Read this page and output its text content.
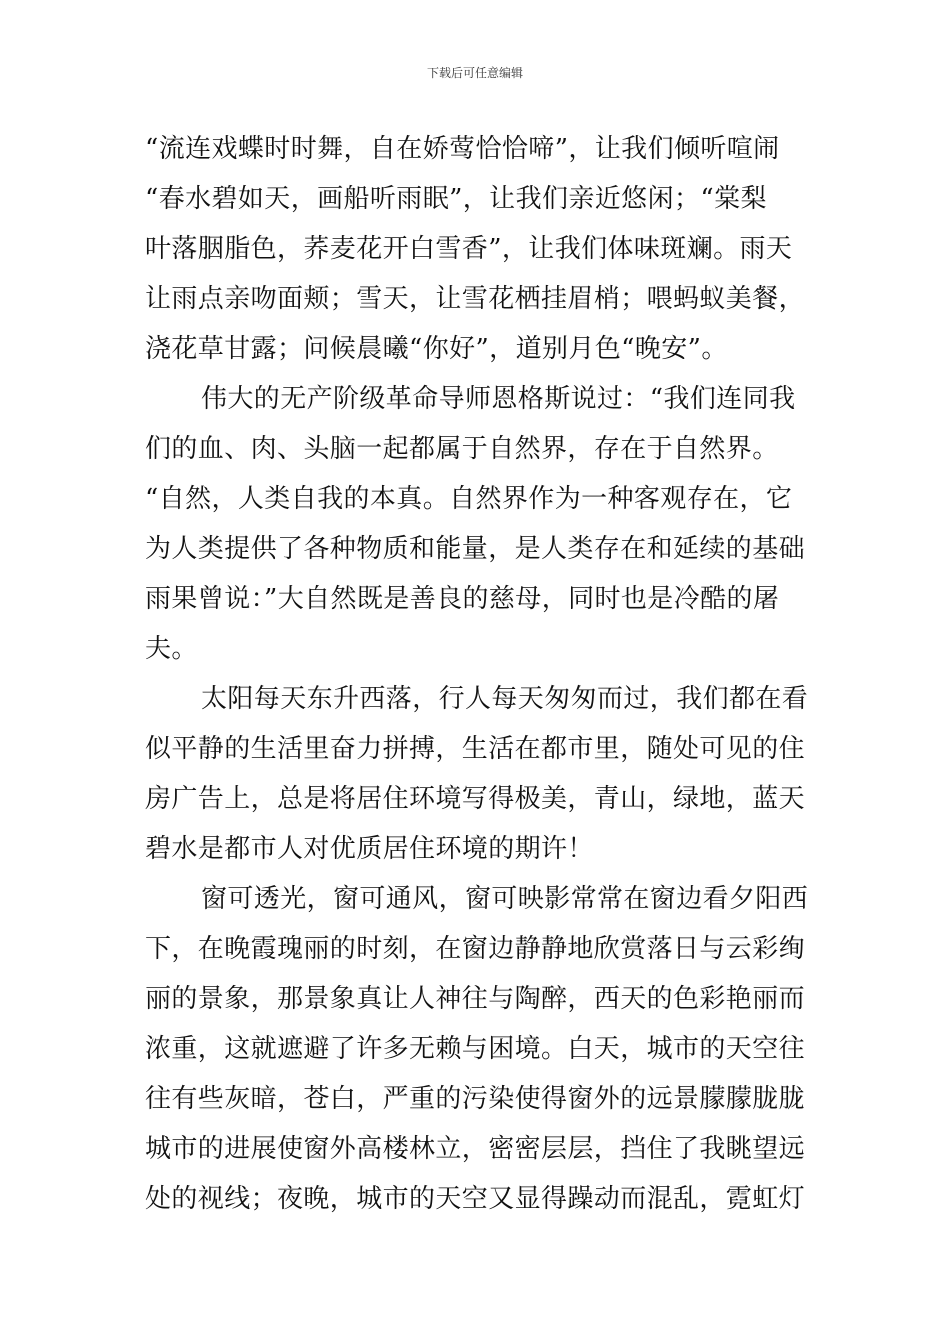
下载后可任意编辑
“流连戏蝶时时舞，自在娇莺恰恰啼”，让我们倾听喧闹
“春水碧如天，画船听雨眠”，让我们亲近悠闲；“棠梨
叶落胭脂色，荞麦花开白雪香”，让我们体味斑斓。雨天
让雨点亲吻面颊；雪天，让雪花栖挂眉梢；喂蚂蚁美餐，
浇花草甘露；问候晨曦“你好”，道别月色“晚安”。
伟大的无产阶级革命导师恩格斯说过：“我们连同我
们的血、肉、头脑一起都属于自然界，存在于自然界。
“自然，人类自我的本真。自然界作为一种客观存在，它
为人类提供了各种物质和能量，是人类存在和延续的基础
雨果曾说：”大自然既是善良的慈母，同时也是冷酷的屠
夫。
太阳每天东升西落，行人每天匆匆而过，我们都在看
似平静的生活里奋力拼搏，生活在都市里，随处可见的住
房广告上，总是将居住环境写得极美，青山，绿地，蓝天
碧水是都市人对优质居住环境的期许！
窗可透光，窗可通风，窗可映影常常在窗边看夕阳西
下，在晚霞瑰丽的时刻，在窗边静静地欣赏落日与云彩绚
丽的景象，那景象真让人神往与陶醉，西天的色彩艳丽而
浓重，这就遮避了许多无赖与困境。白天，城市的天空往
往有些灰暗，苍白，严重的污染使得窗外的远景朦朦胧胧
城市的进展使窗外高楼林立，密密层层，挡住了我眺望远
处的视线；夜晚，城市的天空又显得躁动而混乱，霓虹灯
